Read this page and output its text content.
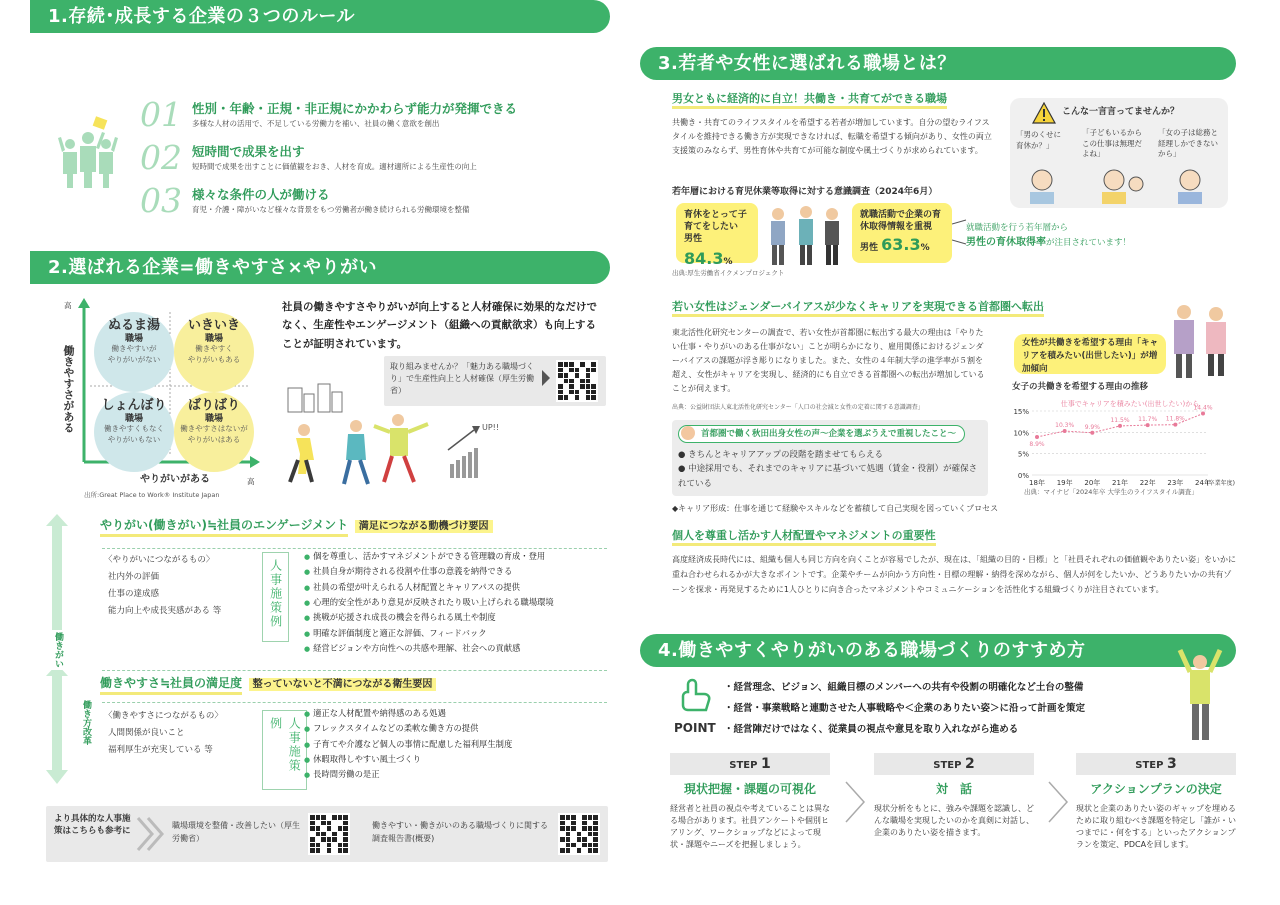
1.存続･成長する企業の３つのルール
01 性別・年齢・正規・非正規にかかわらず能力が発揮できる
多様な人材の活用で、不足している労働力を補い、社員の働く意欲を創出
02 短時間で成果を出す
短時間で成果を出すことに価値観をおき、人材を育成。適材適所による生産性の向上
03 様々な条件の人が働ける
育児・介護・障がいなど様々な背景をもつ労働者が働き続けられる労働環境を整備
2.選ばれる企業=働きやすさ×やりがい
高
働きやすさがある
ぬるま湯
職場
働きやすいが
やりがいがない
いきいき
職場
働きやすく
やりがいもある
しょんぼり
職場
働きやすくもなく
やりがいもない
ばりばり
職場
働きやすさはないが
やりがいはある
やりがいがある	高
出所:Great Place to Work® Institute Japan
社員の働きやすさやりがいが向上すると人材確保に効果的なだけでなく、生産性やエンゲージメント（組織への貢献欲求）も向上することが証明されています。
取り組みませんか？「魅力ある職場づくり」で生産性向上と人材確保（厚生労働省）
UP!!
働きがい
働き方改革
やりがい(働きがい)≒社員のエンゲージメント 満足につながる動機づけ要因
〈やりがいにつながるもの〉
社内外の評価
仕事の達成感
能力向上や成長実感がある 等	人事施策例
● 個を尊重し、活かすマネジメントができる管理職の育成・登用
● 社員自身が期待される役割や仕事の意義を納得できる
● 社員の希望が叶えられる人材配置とキャリアパスの提供
● 心理的安全性があり意見が反映されたり吸い上げられる職場環境
● 挑戦が応援され成長の機会を得られる風土や制度
● 明確な評価制度と適正な評価、フィードバック
● 経営ビジョンや方向性への共感や理解、社会への貢献感
働きやすさ≒社員の満足度 整っていないと不満につながる衛生要因
〈働きやすさにつながるもの〉
人間関係が良いこと
福利厚生が充実している 等	人事施策例
● 適正な人材配置や納得感のある処遇
● フレックスタイムなどの柔軟な働き方の提供
● 子育てや介護など個人の事情に配慮した福利厚生制度
● 休暇取得しやすい風土づくり
● 長時間労働の是正
より具体的な人事施策はこちらも参考に
職場環境を整備・改善したい（厚生労働省）
働きやすい・働きがいのある職場づくりに関する調査報告書(概要)
3.若者や女性に選ばれる職場とは？
男女ともに経済的に自立！共働き・共育てができる職場
共働き・共育てのライフスタイルを希望する若者が増加しています。自分の望むライフスタイルを維持できる働き方が実現できなければ、転職を希望する傾向があり、女性の両立支援策のみならず、男性育休や共育てが可能な制度や風土づくりが求められています。
こんな一言言ってませんか？
「男のくせに育休か？」
「子どもいるからこの仕事は無理だよね」
「女の子は総務と経理しかできないから」
若年層における育児休業等取得に対する意識調査（2024年6月）
育休をとって子育てをしたい
男性 84.3%
就職活動で企業の育休取得情報を重視
男性 63.3%
就職活動を行う若年層から
男性の育休取得率が注目されています！
出典:厚生労働省イクメンプロジェクト
若い女性はジェンダーバイアスが少なくキャリアを実現できる首都圏へ転出
東北活性化研究センターの調査で、若い女性が首都圏に転出する最大の理由は「やりたい仕事・やりがいのある仕事がない」ことが明らかになり、雇用関係におけるジェンダーバイアスの課題が浮き彫りになりました。また、女性の４年制大学の進学率が５割を超え、女性がキャリアを実現し、経済的にも自立できる首都圏への転出が増加していることが伺えます。
出典：公益財団法人東北活性化研究センター「人口の社会減と女性の定着に関する意識調査」
首都圏で働く秋田出身女性の声〜企業を選ぶうえで重視したこと〜
● きちんとキャリアアップの段階を踏ませてもらえる
● 中途採用でも、それまでのキャリアに基づいて処遇（賃金・役割）が確保されている
◆キャリア形成：仕事を通じて経験やスキルなどを蓄積して自己実現を図っていくプロセス
女性が共働きを希望する理由「キャリアを積みたい(出世したい)」が増加傾向
女子の共働きを希望する理由の推移
15%
10%
5%
0%
18年 19年 20年 21年 22年 23年 24年
(卒業年度)
8.9%
10.3% 9.9%
11.5% 11.7% 11.8%
14.4%
仕事でキャリアを積みたい(出世したい)から
出典：マイナビ「2024年卒 大学生のライフスタイル調査」
個人を尊重し活かす人材配置やマネジメントの重要性
高度経済成長時代には、組織も個人も同じ方向を向くことが容易でしたが、現在は、「組織の目的・目標」と「社員それぞれの価値観やありたい姿」をいかに重ね合わせられるかが大きなポイントです。企業やチームが向かう方向性・目標の理解・納得を深めながら、個人が何をしたいか、どうありたいかの共有ゾーンを探求・再発見するために1人ひとりに向き合ったマネジメントやコミュニケーションを活性化する組織づくりが注目されています。
4.働きやすくやりがいのある職場づくりのすすめ方
POINT
・経営理念、ビジョン、組織目標のメンバーへの共有や役割の明確化など土台の整備
・経営・事業戦略と連動させた人事戦略や＜企業のありたい姿＞に沿って計画を策定
・経営陣だけではなく、従業員の視点や意見を取り入れながら進める
STEP 1
現状把握・課題の可視化
経営者と社員の視点や考えていることは異なる場合があります。社員アンケートや個別ヒアリング、ワークショップなどによって現状・課題やニーズを把握しましょう。
STEP 2
対　話
現状分析をもとに、強みや課題を認識し、どんな職場を実現したいのかを真剣に対話し、企業のありたい姿を描きます。
STEP 3
アクションプランの決定
現状と企業のありたい姿のギャップを埋めるために取り組むべき課題を特定し「誰が・いつまでに・何をする」といったアクションプランを策定、PDCAを回します。
